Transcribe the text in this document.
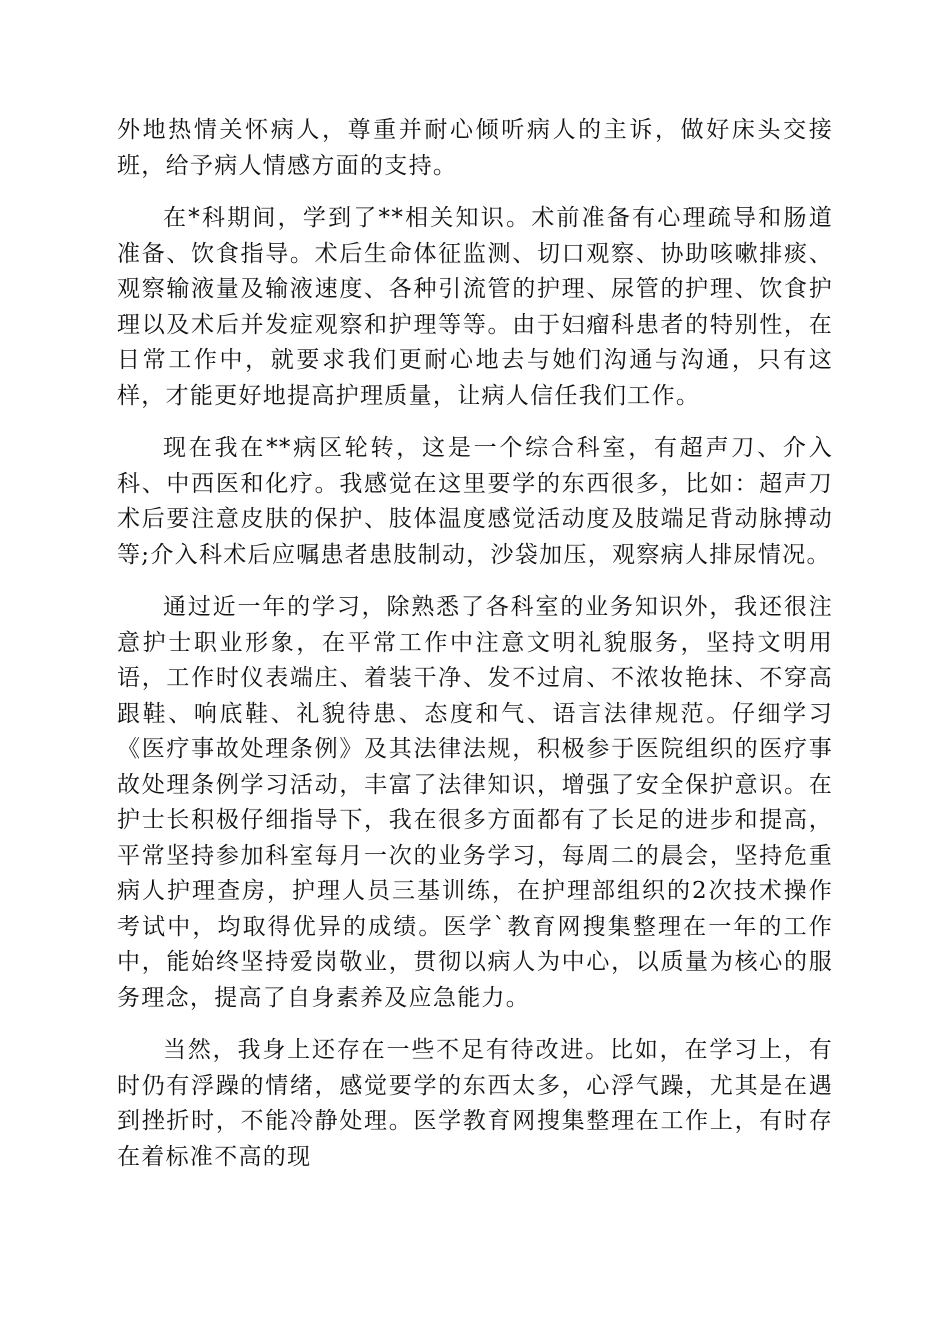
外地热情关怀病人，尊重并耐心倾听病人的主诉，做好床头交接班，给予病人情感方面的支持。

在*科期间，学到了**相关知识。术前准备有心理疏导和肠道准备、饮食指导。术后生命体征监测、切口观察、协助咳嗽排痰、观察输液量及输液速度、各种引流管的护理、尿管的护理、饮食护理以及术后并发症观察和护理等等。由于妇瘤科患者的特别性，在日常工作中，就要求我们更耐心地去与她们沟通与沟通，只有这样，才能更好地提高护理质量，让病人信任我们工作。

现在我在**病区轮转，这是一个综合科室，有超声刀、介入科、中西医和化疗。我感觉在这里要学的东西很多，比如：超声刀术后要注意皮肤的保护、肢体温度感觉活动度及肢端足背动脉搏动等;介入科术后应嘱患者患肢制动，沙袋加压，观察病人排尿情况。

通过近一年的学习，除熟悉了各科室的业务知识外，我还很注意护士职业形象，在平常工作中注意文明礼貌服务，坚持文明用语，工作时仪表端庄、着装干净、发不过肩、不浓妆艳抹、不穿高跟鞋、响底鞋、礼貌待患、态度和气、语言法律规范。仔细学习《医疗事故处理条例》及其法律法规，积极参于医院组织的医疗事故处理条例学习活动，丰富了法律知识，增强了安全保护意识。在护士长积极仔细指导下，我在很多方面都有了长足的进步和提高，平常坚持参加科室每月一次的业务学习，每周二的晨会，坚持危重病人护理查房，护理人员三基训练，在护理部组织的2次技术操作考试中，均取得优异的成绩。医学`教育网搜集整理在一年的工作中，能始终坚持爱岗敬业，贯彻以病人为中心，以质量为核心的服务理念，提高了自身素养及应急能力。

当然，我身上还存在一些不足有待改进。比如，在学习上，有时仍有浮躁的情绪，感觉要学的东西太多，心浮气躁，尤其是在遇到挫折时，不能冷静处理。医学教育网搜集整理在工作上，有时存在着标准不高的现
